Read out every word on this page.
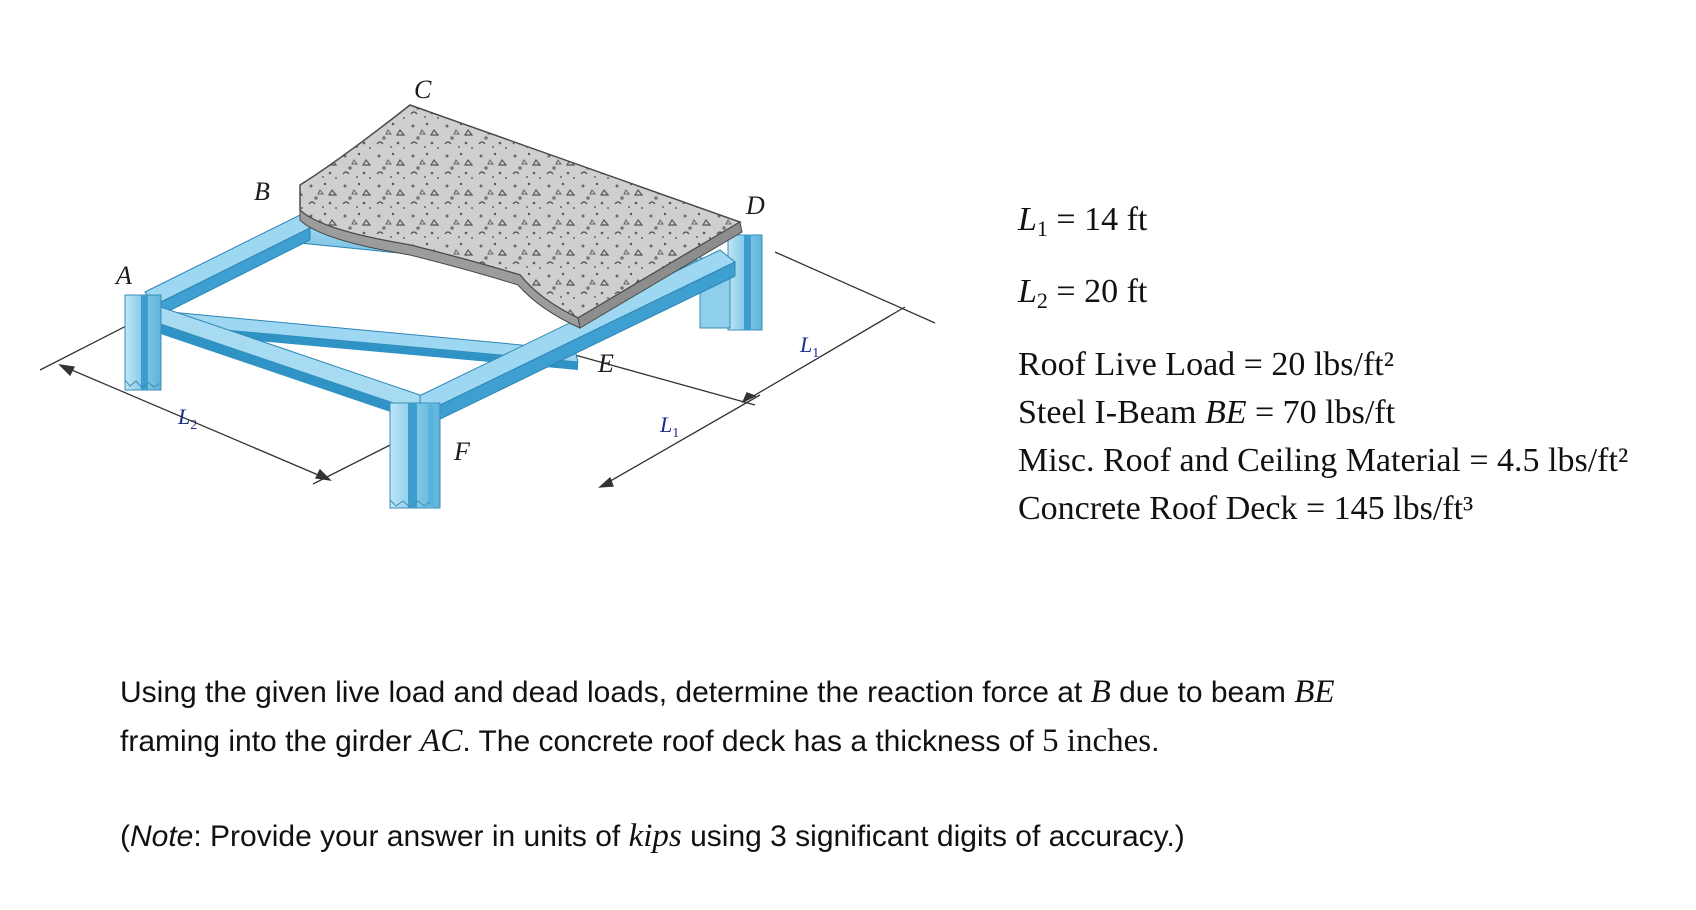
A
B
C
D
E
F
$L_2$	$L_1$
$L_1$
$L_1 = 14$ ft
$L_2 = 20$ ft
Roof Live Load = 20 lbs/ft²
Steel I-Beam BE = 70 lbs/ft
Misc. Roof and Ceiling Material = 4.5 lbs/ft²
Concrete Roof Deck = 145 lbs/ft³
Using the given live load and dead loads, determine the reaction force at B due to beam BE
framing into the girder AC. The concrete roof deck has a thickness of 5 inches.
(Note: Provide your answer in units of kips using 3 significant digits of accuracy.)
